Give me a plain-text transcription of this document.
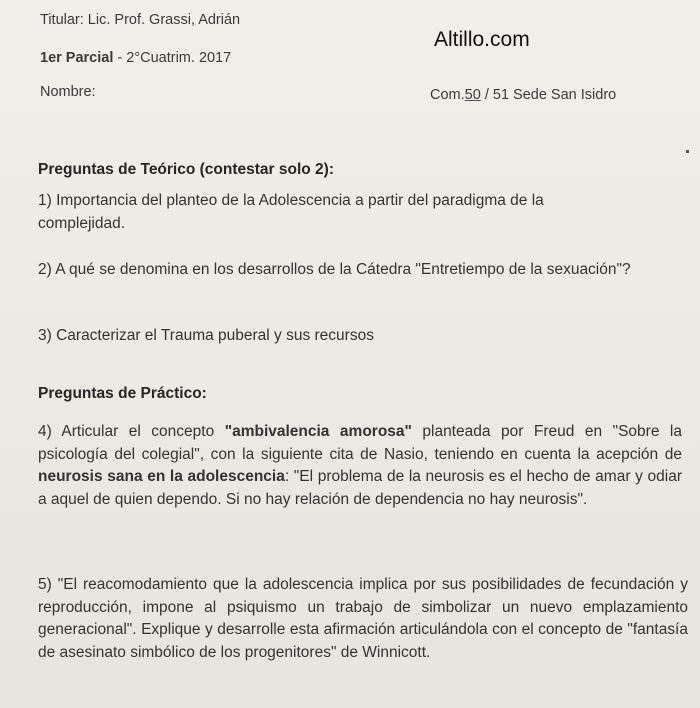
Titular: Lic. Prof. Grassi, Adrián
1er Parcial - 2°Cuatrim. 2017
Nombre:	Com.50 / 51 Sede San Isidro
Altillo.com
Preguntas de Teórico (contestar solo 2):
1) Importancia del planteo de la Adolescencia a partir del paradigma de la complejidad.
2) A qué se denomina en los desarrollos de la Cátedra "Entretiempo de la sexuación"?
3) Caracterizar el Trauma puberal y sus recursos
Preguntas de Práctico:
4) Articular el concepto "ambivalencia amorosa" planteada por Freud en "Sobre la psicología del colegial", con la siguiente cita de Nasio, teniendo en cuenta la acepción de neurosis sana en la adolescencia: "El problema de la neurosis es el hecho de amar y odiar a aquel de quien dependo. Si no hay relación de dependencia no hay neurosis".
5) "El reacomodamiento que la adolescencia implica por sus posibilidades de fecundación y reproducción, impone al psiquismo un trabajo de simbolizar un nuevo emplazamiento generacional". Explique y desarrolle esta afirmación articulándola con el concepto de "fantasía de asesinato simbólico de los progenitores" de Winnicott.
